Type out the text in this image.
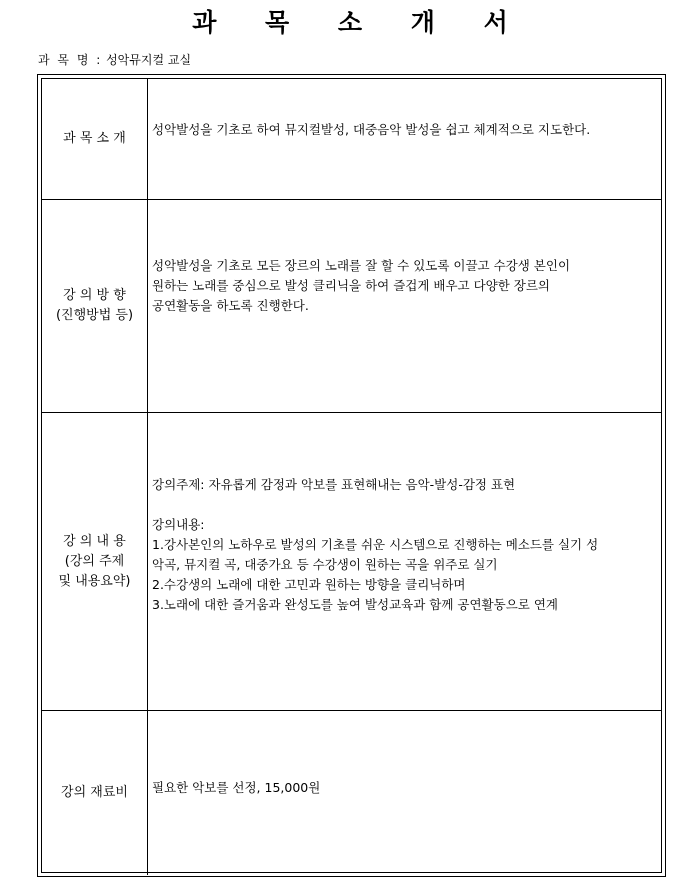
과 목 소 개 서
과 목 명 : 성악뮤지컬 교실
과 목 소 개

성악발성을 기초로 하여 뮤지컬발성, 대중음악 발성을 쉽고 체계적으로 지도한다.

강 의 방 향
(진행방법 등)

성악발성을 기초로 모든 장르의 노래를 잘 할 수 있도록 이끌고 수강생 본인이

원하는 노래를 중심으로 발성 클리닉을 하여 즐겁게 배우고 다양한 장르의

공연활동을 하도록 진행한다.

강 의 내 용
(강의 주제
및 내용요약)

강의주제: 자유롭게 감정과 악보를 표현해내는 음악-발성-감정 표현

강의내용:

1.강사본인의 노하우로 발성의 기초를 쉬운 시스템으로 진행하는 메소드를 실기 성

악곡, 뮤지컬 곡, 대중가요 등 수강생이 원하는 곡을 위주로 실기

2.수강생의 노래에 대한 고민과 원하는 방향을 클리닉하며

3.노래에 대한 즐거움과 완성도를 높여 발성교육과 함께 공연활동으로 연계

강의 재료비 필요한 악보를 선정, 15,000원
